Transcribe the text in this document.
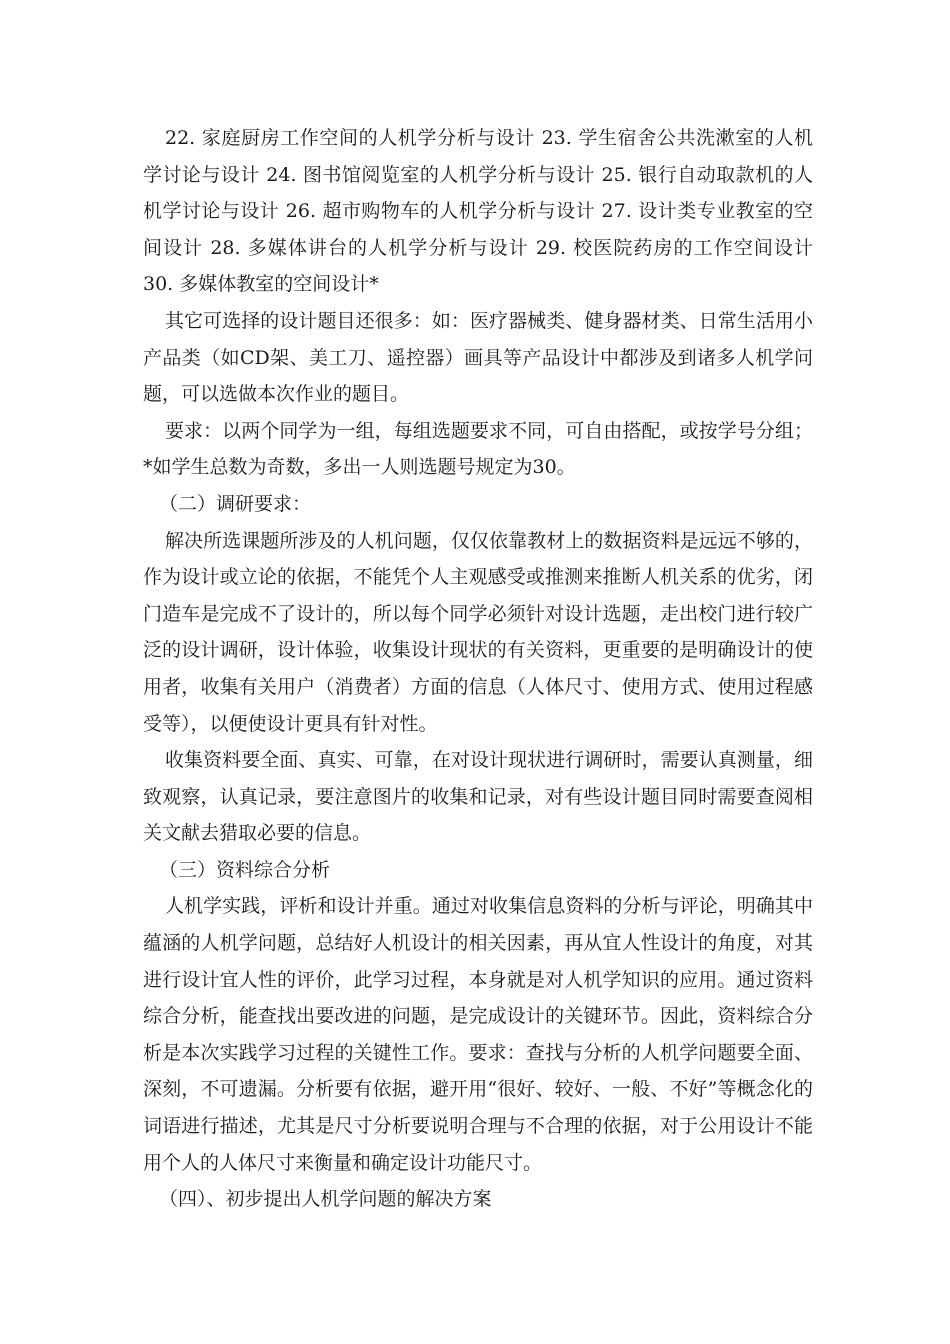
22. 家庭厨房工作空间的人机学分析与设计 23. 学生宿舍公共洗漱室的人机学讨论与设计 24. 图书馆阅览室的人机学分析与设计 25. 银行自动取款机的人机学讨论与设计 26. 超市购物车的人机学分析与设计 27. 设计类专业教室的空间设计 28. 多媒体讲台的人机学分析与设计 29. 校医院药房的工作空间设计 30. 多媒体教室的空间设计*

其它可选择的设计题目还很多：如：医疗器械类、健身器材类、日常生活用小产品类（如CD架、美工刀、遥控器）画具等产品设计中都涉及到诸多人机学问题，可以选做本次作业的题目。

要求：以两个同学为一组，每组选题要求不同，可自由搭配，或按学号分组；*如学生总数为奇数，多出一人则选题号规定为30。

（二）调研要求：

解决所选课题所涉及的人机问题，仅仅依靠教材上的数据资料是远远不够的，作为设计或立论的依据，不能凭个人主观感受或推测来推断人机关系的优劣，闭门造车是完成不了设计的，所以每个同学必须针对设计选题，走出校门进行较广泛的设计调研，设计体验，收集设计现状的有关资料，更重要的是明确设计的使用者，收集有关用户（消费者）方面的信息（人体尺寸、使用方式、使用过程感受等），以便使设计更具有针对性。

收集资料要全面、真实、可靠，在对设计现状进行调研时，需要认真测量，细致观察，认真记录，要注意图片的收集和记录，对有些设计题目同时需要查阅相关文献去猎取必要的信息。

（三）资料综合分析

人机学实践，评析和设计并重。通过对收集信息资料的分析与评论，明确其中蕴涵的人机学问题，总结好人机设计的相关因素，再从宜人性设计的角度，对其进行设计宜人性的评价，此学习过程，本身就是对人机学知识的应用。通过资料综合分析，能查找出要改进的问题，是完成设计的关键环节。因此，资料综合分析是本次实践学习过程的关键性工作。要求：查找与分析的人机学问题要全面、深刻，不可遗漏。分析要有依据，避开用“很好、较好、一般、不好”等概念化的词语进行描述，尤其是尺寸分析要说明合理与不合理的依据，对于公用设计不能用个人的人体尺寸来衡量和确定设计功能尺寸。

（四）、初步提出人机学问题的解决方案
